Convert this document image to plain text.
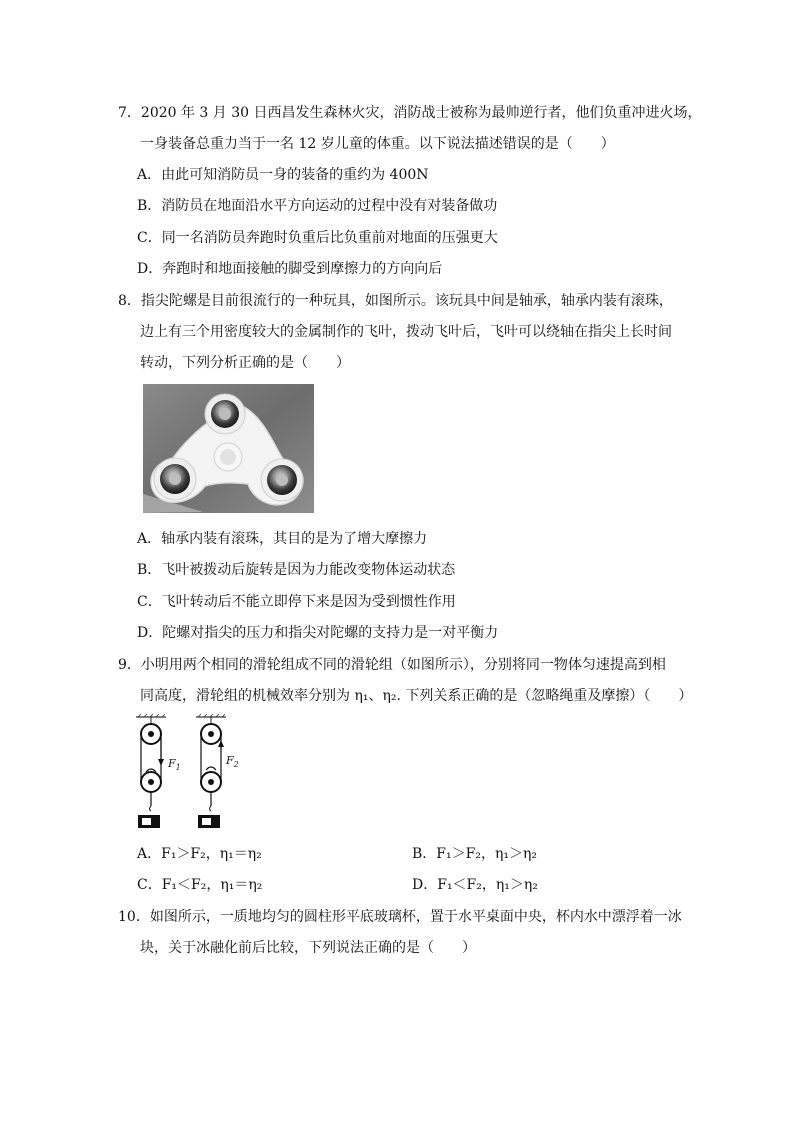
7．2020 年 3 月 30 日西昌发生森林火灾，消防战士被称为最帅逆行者，他们负重冲进火场，
一身装备总重力当于一名 12 岁儿童的体重。以下说法描述错误的是（　　）
A．由此可知消防员一身的装备的重约为 400N
B．消防员在地面沿水平方向运动的过程中没有对装备做功
C．同一名消防员奔跑时负重后比负重前对地面的压强更大
D．奔跑时和地面接触的脚受到摩擦力的方向向后
8．指尖陀螺是目前很流行的一种玩具，如图所示。该玩具中间是轴承，轴承内装有滚珠，
边上有三个用密度较大的金属制作的飞叶，拨动飞叶后，飞叶可以绕轴在指尖上长时间
转动，下列分析正确的是（　　）
A．轴承内装有滚珠，其目的是为了增大摩擦力
B．飞叶被拨动后旋转是因为力能改变物体运动状态
C．飞叶转动后不能立即停下来是因为受到惯性作用
D．陀螺对指尖的压力和指尖对陀螺的支持力是一对平衡力
9．小明用两个相同的滑轮组成不同的滑轮组（如图所示），分别将同一物体匀速提高到相
同高度，滑轮组的机械效率分别为 η₁、η₂. 下列关系正确的是（忽略绳重及摩擦）（　　）
$F_1$
$F_2$
A．F₁＞F₂，η₁＝η₂	B．F₁＞F₂，η₁＞η₂
C．F₁＜F₂，η₁＝η₂	D．F₁＜F₂，η₁＞η₂
10．如图所示，一质地均匀的圆柱形平底玻璃杯，置于水平桌面中央，杯内水中漂浮着一冰
块，关于冰融化前后比较，下列说法正确的是（　　）
